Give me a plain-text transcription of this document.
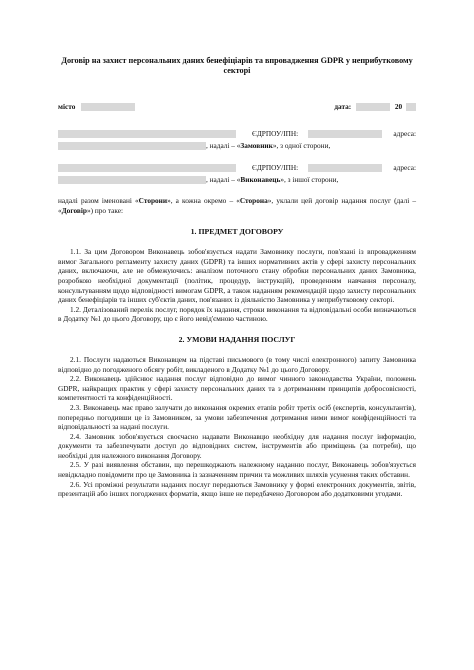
Договір на захист персональних даних бенефіціарів та впровадження GDPR у неприбутковому секторі
місто	дата:	20
ЄДРПОУ/ІПН:	адреса:
, надалі – « Замовник », з одної сторони,
ЄДРПОУ/ІПН:	адреса:
, надалі – « Виконавець », з іншої сторони,

надалі разом іменовані «Сторони», а кожна окремо – «Сторона», уклали цей договір надання послуг (далі – «Договір») про таке:

1. ПРЕДМЕТ ДОГОВОРУ

1.1. За цим Договором Виконавець зобов'язується надати Замовнику послуги, пов'язані із впровадженням вимог Загального регламенту захисту даних (GDPR) та інших нормативних актів у сфері захисту персональних даних, включаючи, але не обмежуючись: аналізом поточного стану обробки персональних даних Замовника, розробкою необхідної документації (політик, процедур, інструкцій), проведенням навчання персоналу, консультуванням щодо відповідності вимогам GDPR, а також наданням рекомендацій щодо захисту персональних даних бенефіціарів та інших суб'єктів даних, пов'язаних із діяльністю Замовника у неприбутковому секторі.

1.2. Деталізований перелік послуг, порядок їх надання, строки виконання та відповідальні особи визначаються в Додатку №1 до цього Договору, що є його невід'ємною частиною.

2. УМОВИ НАДАННЯ ПОСЛУГ

2.1. Послуги надаються Виконавцем на підставі письмового (в тому числі електронного) запиту Замовника відповідно до погодженого обсягу робіт, викладеного в Додатку №1 до цього Договору.

2.2. Виконавець здійснює надання послуг відповідно до вимог чинного законодавства України, положень GDPR, найкращих практик у сфері захисту персональних даних та з дотриманням принципів добросовісності, компетентності та конфіденційності.

2.3. Виконавець має право залучати до виконання окремих етапів робіт третіх осіб (експертів, консультантів), попередньо погодивши це із Замовником, за умови забезпечення дотримання ними вимог конфіденційності та відповідальності за надані послуги.

2.4. Замовник зобов'язується своєчасно надавати Виконавцю необхідну для надання послуг інформацію, документи та забезпечувати доступ до відповідних систем, інструментів або приміщень (за потреби), що необхідні для належного виконання Договору.

2.5. У разі виявлення обставин, що перешкоджають належному наданню послуг, Виконавець зобов'язується невідкладно повідомити про це Замовника із зазначенням причин та можливих шляхів усунення таких обставин.

2.6. Усі проміжні результати наданих послуг передаються Замовнику у формі електронних документів, звітів, презентацій або інших погоджених форматів, якщо інше не передбачено Договором або додатковими угодами.
